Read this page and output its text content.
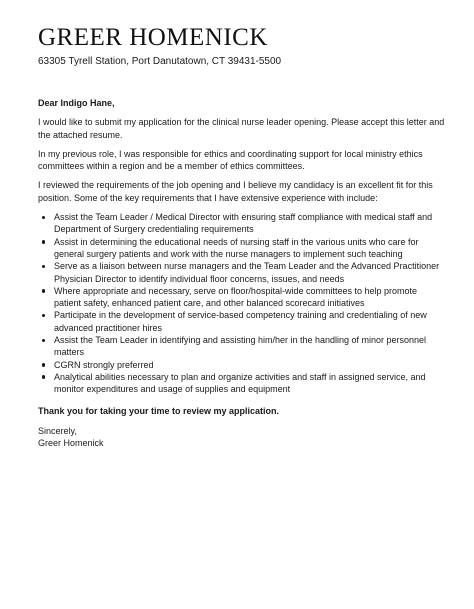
GREER HOMENICK
63305 Tyrell Station, Port Danutatown, CT 39431-5500

Dear Indigo Hane,

I would like to submit my application for the clinical nurse leader opening. Please accept this letter and the attached resume.

In my previous role, I was responsible for ethics and coordinating support for local ministry ethics committees within a region and be a member of ethics committees.

I reviewed the requirements of the job opening and I believe my candidacy is an excellent fit for this position. Some of the key requirements that I have extensive experience with include:

Assist the Team Leader / Medical Director with ensuring staff compliance with medical staff and Department of Surgery credentialing requirements
Assist in determining the educational needs of nursing staff in the various units who care for general surgery patients and work with the nurse managers to implement such teaching
Serve as a liaison between nurse managers and the Team Leader and the Advanced Practitioner Physician Director to identify individual floor concerns, issues, and needs
Where appropriate and necessary, serve on floor/hospital-wide committees to help promote patient safety, enhanced patient care, and other balanced scorecard initiatives
Participate in the development of service-based competency training and credentialing of new advanced practitioner hires
Assist the Team Leader in identifying and assisting him/her in the handling of minor personnel matters
CGRN strongly preferred
Analytical abilities necessary to plan and organize activities and staff in assigned service, and monitor expenditures and usage of supplies and equipment

Thank you for taking your time to review my application.

Sincerely,

Greer Homenick
